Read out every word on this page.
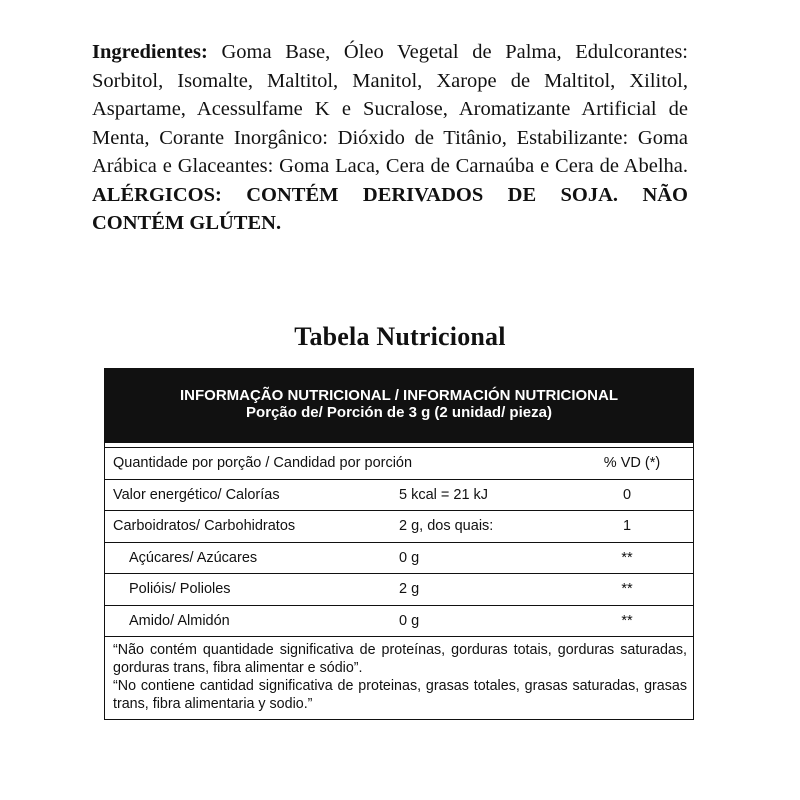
Ingredientes: Goma Base, Óleo Vegetal de Palma, Edulcorantes: Sorbitol, Isomalte, Maltitol, Manitol, Xarope de Maltitol, Xilitol, Aspartame, Acessulfame K e Sucralose, Aromatizante Artificial de Menta, Corante Inorgânico: Dióxido de Titânio, Estabilizante: Goma Arábica e Glaceantes: Goma Laca, Cera de Carnaúba e Cera de Abelha. ALÉRGICOS: CONTÉM DERIVADOS DE SOJA. NÃO CONTÉM GLÚTEN.

Tabela Nutricional
INFORMAÇÃO NUTRICIONAL / INFORMACIÓN NUTRICIONAL
Porção de/ Porción de 3 g (2 unidad/ pieza)
Quantidade por porção / Candidad por porción	% VD (*)
Valor energético/ Calorías	5 kcal = 21 kJ	0
Carboidratos/ Carbohidratos	2 g, dos quais:	1
Açúcares/ Azúcares	0 g	**
Polióis/ Polioles	2 g	**
Amido/ Almidón	0 g	**

“Não contém quantidade significativa de proteínas, gorduras totais, gorduras saturadas, gorduras trans, fibra alimentar e sódio”.

“No contiene cantidad significativa de proteinas, grasas totales, grasas saturadas, grasas trans, fibra alimentaria y sodio.”
